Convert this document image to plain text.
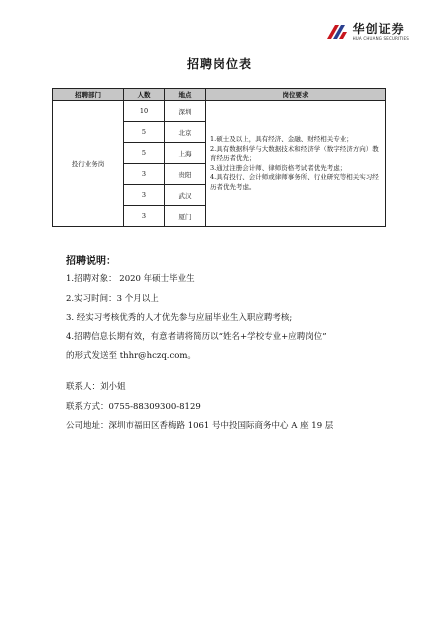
华创证券
HUA CHUANG SECURITIES
招聘岗位表
招聘部门	人数	地点	岗位要求
投行业务岗	10	深圳	1.硕士及以上，具有经济、金融、财经相关专业；
2.具有数据科学与大数据技术和经济学（数字经济方向）教育经历者优先；
3.通过注册会计师、律师资格考试者优先考虑；
4.具有投行、会计师或律师事务所、行业研究等相关实习经历者优先考虑。

	5	北京	
	5	上海	
	3	贵阳	
	3	武汉	
	3	厦门	
招聘说明：
1.招聘对象： 2020 年硕士毕业生
2.实习时间：3 个月以上
3. 经实习考核优秀的人才优先参与应届毕业生入职应聘考核;
4.招聘信息长期有效，有意者请将简历以“姓名+学校专业+应聘岗位”
的形式发送至 thhr@hczq.com。
联系人：刘小姐
联系方式：0755-88309300-8129
公司地址：深圳市福田区香梅路 1061 号中投国际商务中心 A 座 19 层
